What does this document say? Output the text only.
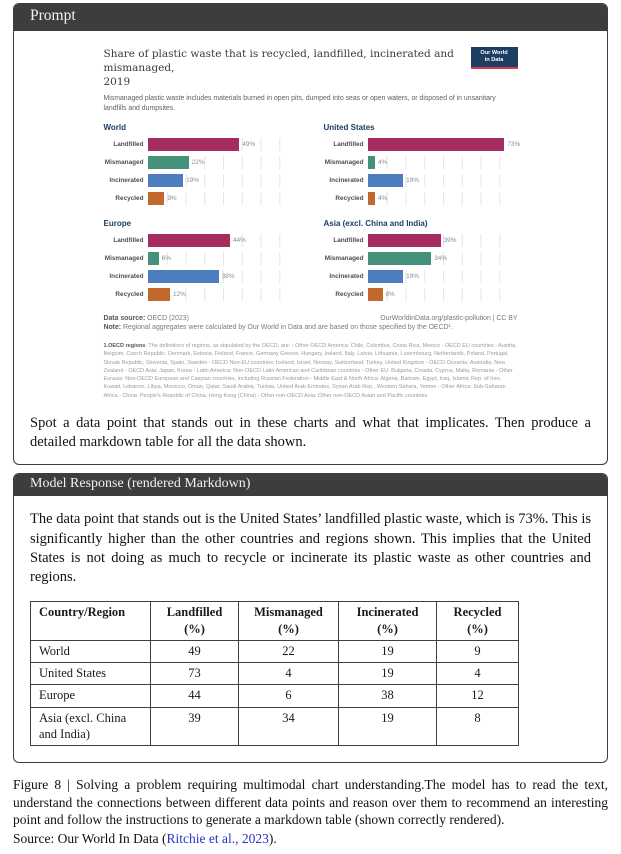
Prompt
Share of plastic waste that is recycled, landfilled, incinerated and mismanaged,
2019
Our World
in Data
Mismanaged plastic waste includes materials burned in open pits, dumped into seas or open waters, or disposed of in unsanitary landfills and dumpsites.
World
Landfilled	49%
Mismanaged	22%
Incinerated	19%
Recycled	9%
United States
Landfilled	73%
Mismanaged	4%
Incinerated	19%
Recycled	4%
Europe
Landfilled	44%
Mismanaged	6%
Incinerated	38%
Recycled	12%
Asia (excl. China and India)
Landfilled	39%
Mismanaged	34%
Incinerated	19%
Recycled	8%
Data source: OECD (2023)	OurWorldinData.org/plastic-pollution | CC BY
Note: Regional aggregates were calculated by Our World in Data and are based on those specified by the OECD¹.
1.OECD regions: The definitions of regions, as stipulated by the OECD, are: - Other OECD America: Chile, Colombia, Costa Rica, Mexico - OECD EU countries : Austria, Belgium, Czech Republic, Denmark, Estonia, Finland, France, Germany Greece, Hungary, Ireland, Italy, Latvia, Lithuania, Luxembourg, Netherlands, Poland, Portugal, Slovak Republic, Slovenia, Spain, Sweden - OECD Non-EU countries: Iceland, Israel, Norway, Switzerland, Turkey, United Kingdom - OECD Oceania: Australia, New Zealand - OECD Asia: Japan, Korea - Latin America: Non-OECD Latin American and Caribbean countries - Other EU: Bulgaria, Croatia, Cyprus, Malta, Romania - Other Eurasia: Non-OECD European and Caspian countries, including Russian Federation - Middle East & North Africa: Algeria, Bahrain, Egypt, Iraq, Islamic Rep. of Iran, Kuwait, Lebanon, Libya, Morocco, Oman, Qatar, Saudi Arabia, Tunisia, United Arab Emirates, Syrian Arab Rep., Western Sahara, Yemen - Other Africa: Sub-Saharan Africa - China: People's Republic of China, Hong Kong (China) - Other non-OECD Asia: Other non-OECD Asian and Pacific countries

Spot a data point that stands out in these charts and what that implicates. Then produce a detailed markdown table for all the data shown.

Model Response (rendered Markdown)

The data point that stands out is the United States’ landfilled plastic waste, which is 73%. This is significantly higher than the other countries and regions shown. This implies that the United States is not doing as much to recycle or incinerate its plastic waste as other countries and regions.

Country/Region	Landfilled (%)	Mismanaged (%)	Incinerated (%)	Recycled (%)
World	49	22	19	9
United States	73	4	19	4
Europe	44	6	38	12
Asia (excl. China and India)	39	34	19	8
Figure 8 | Solving a problem requiring multimodal chart understanding.The model has to read the text, understand the connections between different data points and reason over them to recommend an interesting point and follow the instructions to generate a markdown table (shown correctly rendered).
Source: Our World In Data (Ritchie et al., 2023).
